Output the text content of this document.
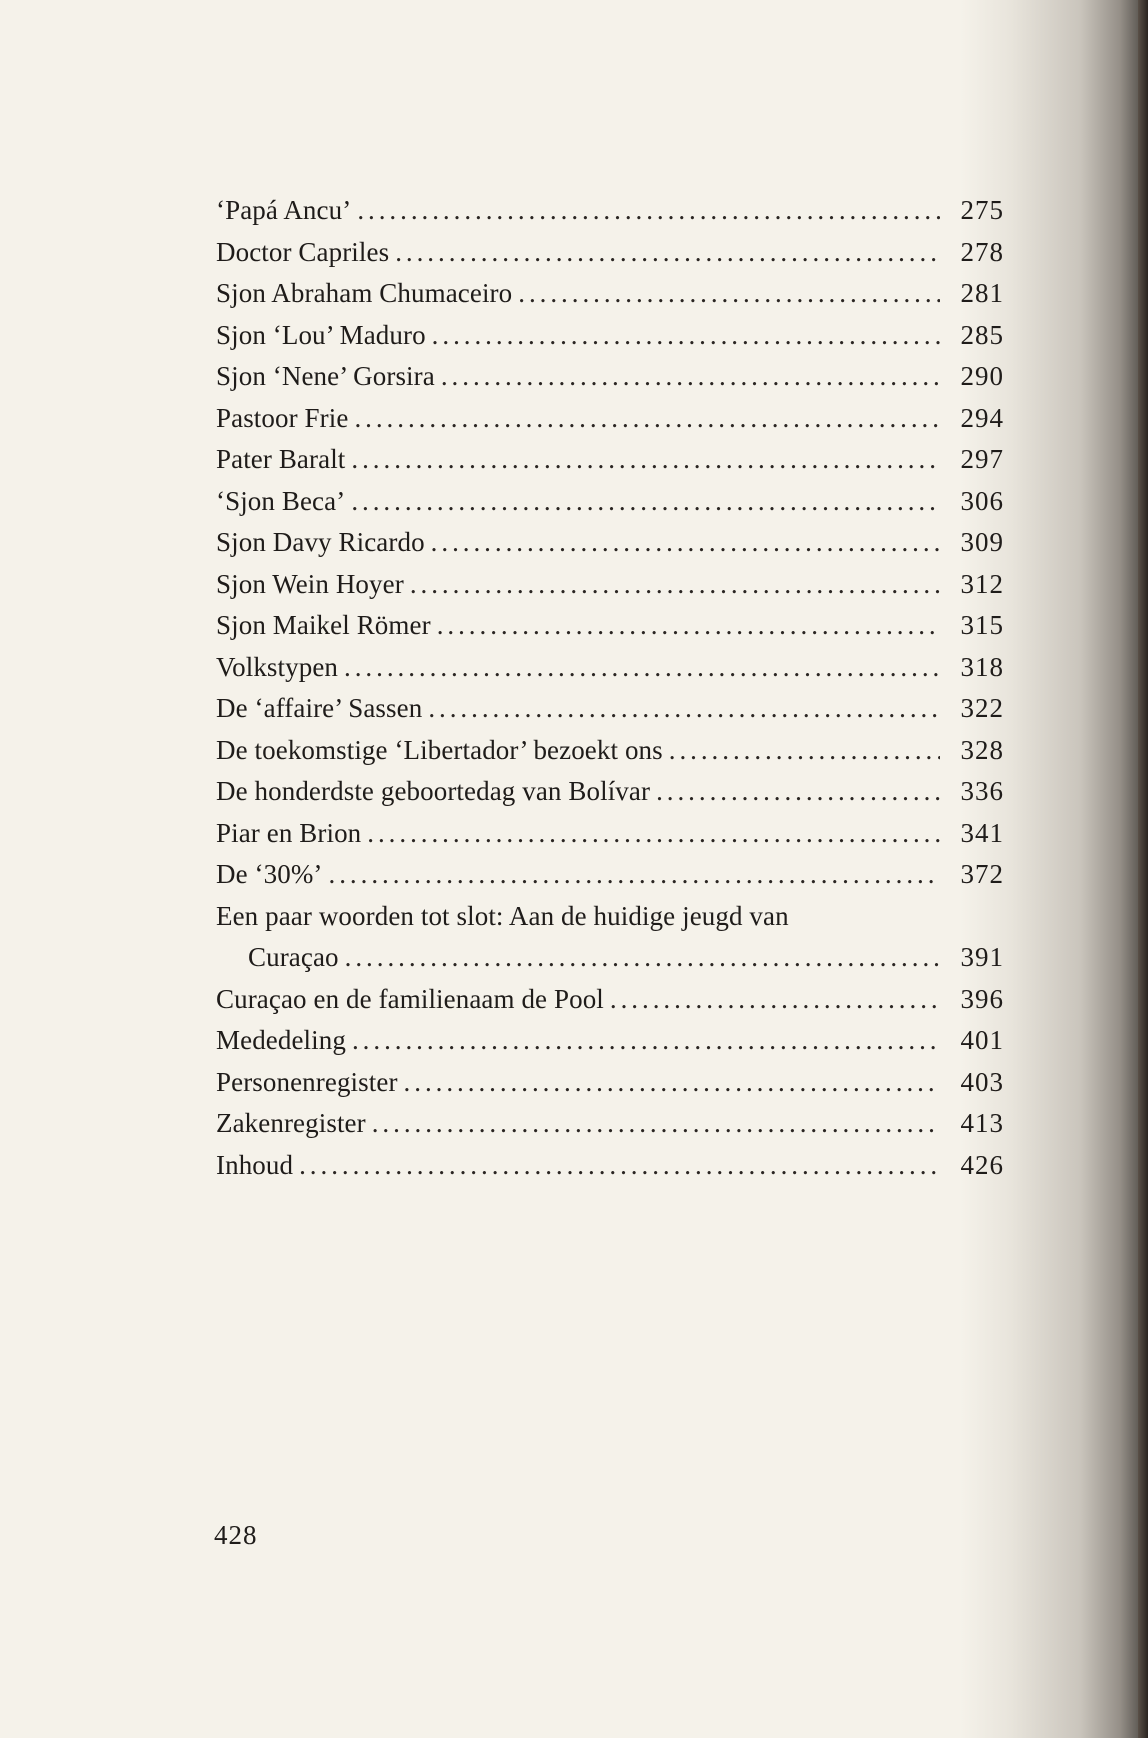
‘Papá Ancu’ . . .	275
Doctor Capriles . . .	278
Sjon Abraham Chumaceiro . . .	281
Sjon ‘Lou’ Maduro . . .	285
Sjon ‘Nene’ Gorsira . . .	290
Pastoor Frie . . .	294
Pater Baralt . . .	297
‘Sjon Beca’ . . .	306
Sjon Davy Ricardo . . .	309
Sjon Wein Hoyer . . .	312
Sjon Maikel Römer . . .	315
Volkstypen . . .	318
De ‘affaire’ Sassen . . .	322
De toekomstige ‘Libertador’ bezoekt ons . . .	328
De honderdste geboortedag van Bolívar . . .	336
Piar en Brion . . .	341
De ‘30%’ . . .	372
Een paar woorden tot slot: Aan de huidige jeugd van
Curaçao . . .	391
Curaçao en de familienaam de Pool . . .	396
Mededeling . . .	401
Personenregister . . .	403
Zakenregister . . .	413
Inhoud . . .	426
428
